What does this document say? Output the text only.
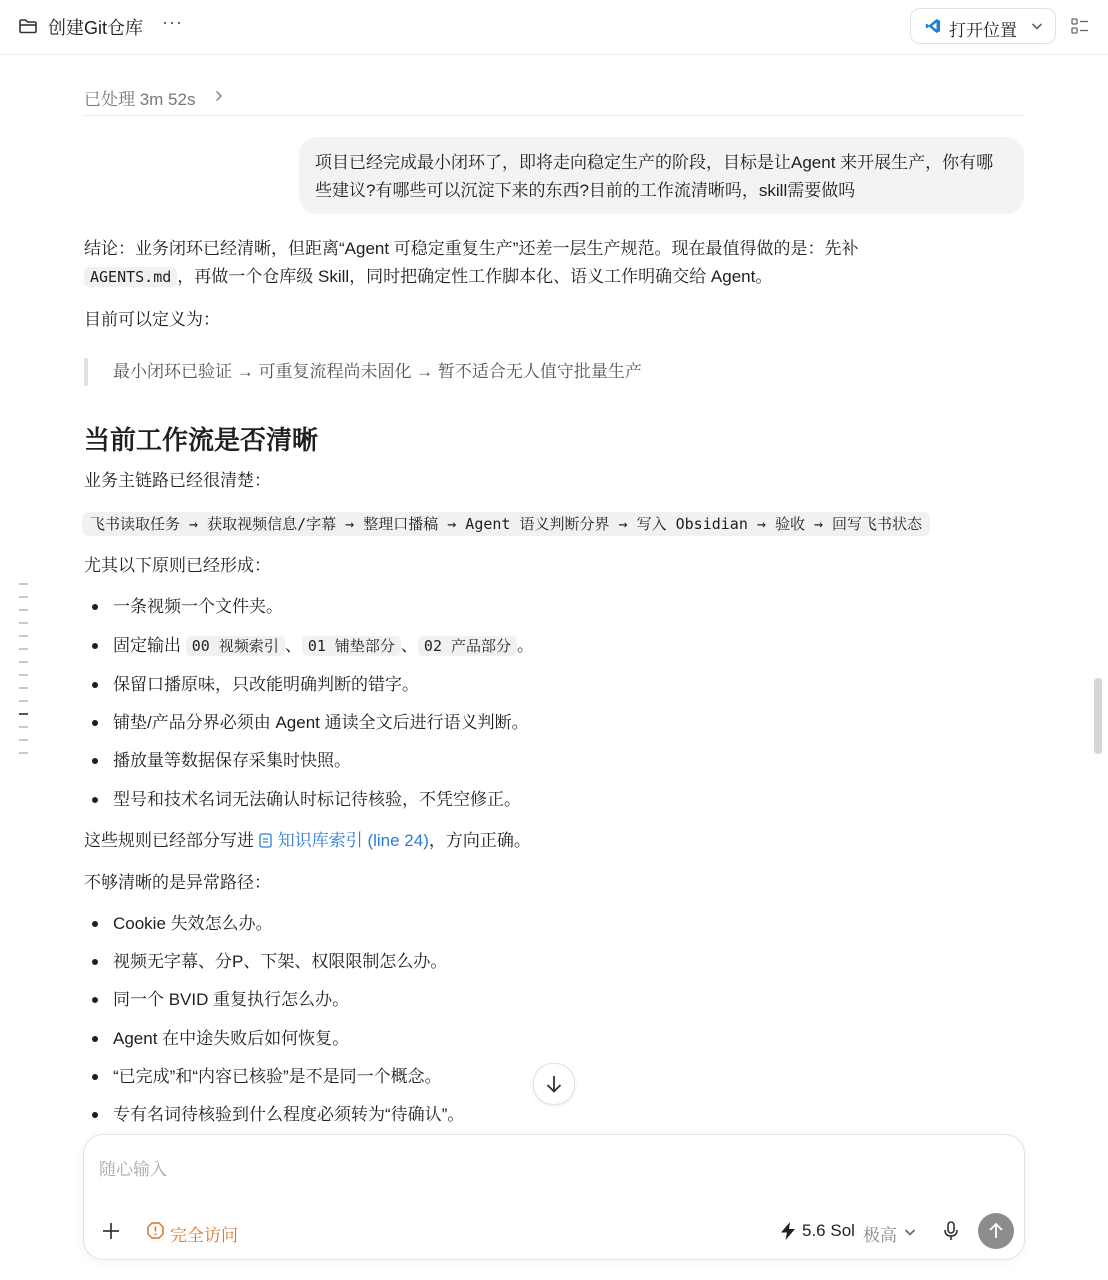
创建Git仓库 ···	打开位置
已处理 3m 52s

项目已经完成最小闭环了，即将走向稳定生产的阶段，目标是让Agent 来开展生产，你有哪些建议?有哪些可以沉淀下来的东西?目前的工作流清晰吗，skill需要做吗

结论：业务闭环已经清晰，但距离“Agent 可稳定重复生产”还差一层生产规范。现在最值得做的是：先补
AGENTS.md ，再做一个仓库级 Skill，同时把确定性工作脚本化、语义工作明确交给 Agent。

目前可以定义为：

最小闭环已验证 → 可重复流程尚未固化 → 暂不适合无人值守批量生产
当前工作流是否清晰

业务主链路已经很清楚：

飞书读取任务 → 获取视频信息/字幕 → 整理口播稿 → Agent 语义判断分界 → 写入 Obsidian → 验收 → 回写飞书状态

尤其以下原则已经形成：

一条视频一个文件夹。
固定输出 00 视频索引 、 01 铺垫部分 、 02 产品部分 。
保留口播原味，只改能明确判断的错字。
铺垫/产品分界必须由 Agent 通读全文后进行语义判断。
播放量等数据保存采集时快照。
型号和技术名词无法确认时标记待核验，不凭空修正。

这些规则已经部分写进 知识库索引 (line 24)，方向正确。

不够清晰的是异常路径：

Cookie 失效怎么办。
视频无字幕、分P、下架、权限限制怎么办。
同一个 BVID 重复执行怎么办。
Agent 在中途失败后如何恢复。
“已完成”和“内容已核验”是不是同一个概念。
专有名词待核验到什么程度必须转为“待确认”。
随心输入
完全访问	5.6 Sol 极高
